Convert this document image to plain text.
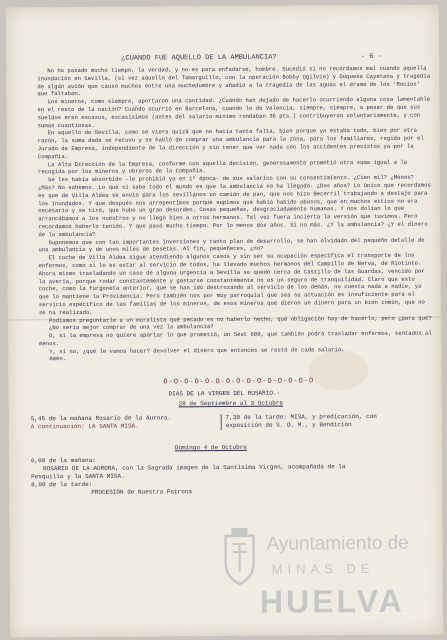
¿CUANDO FUE AQUELLO DE LA AMBULANCIA?	- 6 -

No ha pasado mucho tiempo, la verdad, y no es para enfadarse, hombre. Sucedió si no recordamos mal cuando aquella inundación en Sevilla, (si vez aquello del Tamarguillo, con la operación Bobby Ogilvie) y Duquesa Cayetana y tragedia de algún avión que causó muchos entre una muchedumbre y añadió a la tragedia de las aguas el drama de los 'Rocíos' que faltaban.

Los mineros, como siempre, aportaron una cantidad. ¿Cuándo han dejado de hacerlo ocurriendo alguna cosa lamentable en el resto de la nación? Cuando ocurrió en Barcelona, cuando lo de Valencia, siempre, siempre, a pesar de que sus sueldos eran escasos, escasísimos (antes del salario mínimo rondaban 36 pts.) contribuyeron voluntariamente, y con sumas cuantiosas.

En aquello de Sevilla, como se viera quizá que no hacía tanta falta, bien porque ya estaba todo, bien por otra razón, la suma dada se retuvo y se habló de comprar una ambulancia para la zona, para los familiares, regida por el Jurado de Empresa, independiente de la dirección y sin tener que ver nada con los accidentes previstos ya por la Compañía.

La Alta Dirección de la Empresa, conforme con aquella decisión, generosamente prometió otra suma igual a la recogida por los mineros y obreros de la Compañía.

Se les había absorbido -le prohibió ya en 1º época- de sus salarios con su consentimiento. ¿Cien mil? ¿Menos? ¿Más? No sabemos. Lo que sí sabe todo el mundo es que la ambulancia no ha llegado. ¿Dos años? Lo único que recordamos es que de Villa Aldea se envió para los sevillanos un camión de pan, que nos hizo Becerril trabajando a destajo para los inundados. Y que después nos arrepentimos porque supimos que había habido abusos, que en muchos sitios no era necesario y se tiró, que hubo un gran desorden. Cosas pequeñas, desgraciadamente humanas. Y nos dolían lo que arrancábamos a los nuestros y no llegó bien a otros hermanos. Tal vez fuera incierta la versión que tuvimos. Pero recordamos haberlo tenido. Y que pasó mucho tiempo. Por lo menos dos años. Si no más. ¿Y la ambulancia? ¿Y el dinero de la ambulancia?

Suponemos que con tan importantes inversiones y tanto plan de desarrollo, se han olvidado del pequeño detalle de una ambulancia y de unos miles de pesetas. Al fin, pequeñeces, ¿no?

El coche de Villa Aldea sigue atendiendo algunos casos y sin ser su ocupación específica el transporte de los enfermos, como si lo es estar al servicio de todos, ha llevado muchos hermanos del Campillo de Nerva, de Riotinto. Ahora mismo trasladando un caso de alguna urgencia a Sevilla se quedó cerca de Castillo de las Guardas, vencido por la avería, porque rodar constantemente y gastarse constantemente no es un seguro de tranquilidad. Claro que esto coche, como la furgoneta anterior, que se han ido destrozando al servicio de los demás, no cuesta nada a nadie, ya que lo mantiene la Providencia. Pero también nos por muy parroquial que sea su actuación es insuficiente para el servicio específico de las familias de los mineros, de esos mineros que dieron un dinero para un bien común, que no se ha realizado.

Podíamos preguntarle a un moralista qué pecado es no haberlo hecho, qué obligación hay de hacerlo, pero ¿para qué?

¿No sería mejor comprar de una vez la ambulancia?

O, si la empresa no quiere aportar lo que prometió, un Seat 600, que también podrá trasladar enfermos, sentados al menos.

Y, si no, ¿qué le vamos hacer? devolver el dinero que entonces se restó de cada salario.

Amén.

O-O-O-O-O-O-O-O-O-O-O-O-O-O-O
DIAS DE LA VIRGEN DEL ROSARIO.-
28 de Septiembre al 3 Octubre
5,45 de la mañana Rosario de la Aurora.
A continuación: LA SANTA MISA.
7,30 de la tarde: MISA, y predicación, con
exposición de S. D. M., y Bendición
Domingo 4 de Octubre
6,00 de la mañana:
ROSARIO DE LA AURORA, con la Sagrada imagen de la Santísima Virgen, acompañada de la
Pesquilla y la SANTA MISA.
8,00 de la tarde:
PROCESIÓN de Nuestra Patrona
Ayuntamiento de
MINAS DE
HUELVA
